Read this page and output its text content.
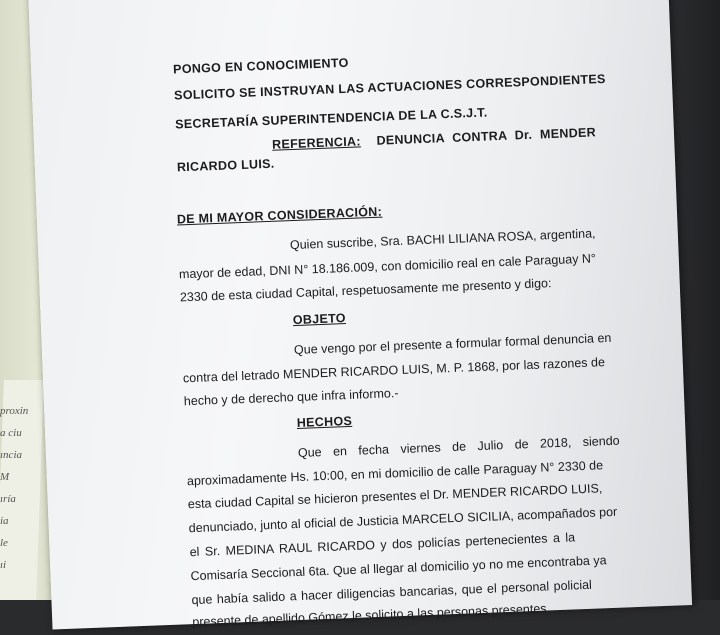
proxin
a ciu
ıncia
M
ıría
ia
le
ıi
PONGO EN CONOCIMIENTO
SOLICITO SE INSTRUYAN LAS ACTUACIONES CORRESPONDIENTES
SECRETARÍA SUPERINTENDENCIA DE LA C.S.J.T.
REFERENCIA: DENUNCIA CONTRA Dr. MENDER
RICARDO LUIS.
DE MI MAYOR CONSIDERACIÓN:
Quien suscribe, Sra. BACHI LILIANA ROSA, argentina,
mayor de edad, DNI N° 18.186.009, con domicilio real en cale Paraguay N°
2330 de esta ciudad Capital, respetuosamente me presento y digo:
OBJETO
Que vengo por el presente a formular formal denuncia en
contra del letrado MENDER RICARDO LUIS, M. P. 1868, por las razones de
hecho y de derecho que infra informo.-
HECHOS
Que en fecha viernes de Julio de 2018, siendo
aproximadamente Hs. 10:00, en mi domicilio de calle Paraguay N° 2330 de
esta ciudad Capital se hicieron presentes el Dr. MENDER RICARDO LUIS,
denunciado, junto al oficial de Justicia MARCELO SICILIA, acompañados por
el Sr. MEDINA RAUL RICARDO y dos policías pertenecientes a la
Comisaría Seccional 6ta. Que al llegar al domicilio yo no me encontraba ya
que había salido a hacer diligencias bancarias, que el personal policial
presente de apellido Gómez le solicito a las personas presentes
